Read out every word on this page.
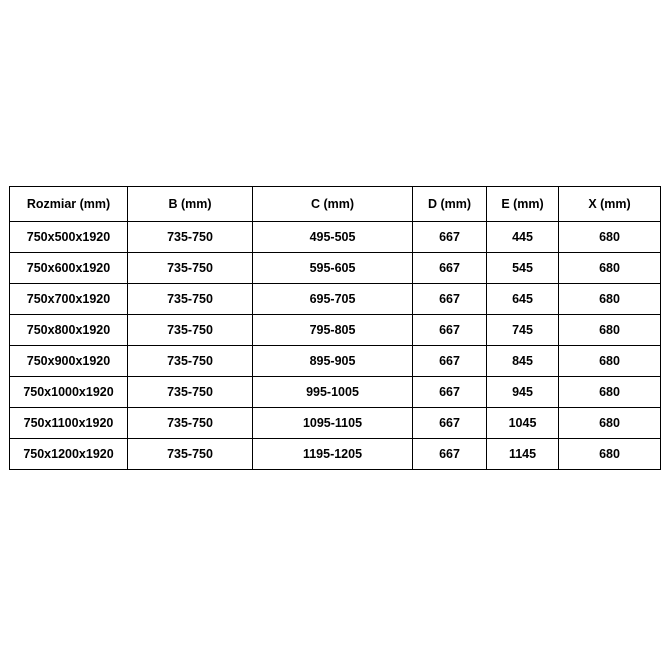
Rozmiar (mm)	B (mm)	C (mm)	D (mm)	E (mm)	X (mm)
750x500x1920	735-750	495-505	667	445	680
750x600x1920	735-750	595-605	667	545	680
750x700x1920	735-750	695-705	667	645	680
750x800x1920	735-750	795-805	667	745	680
750x900x1920	735-750	895-905	667	845	680
750x1000x1920	735-750	995-1005	667	945	680
750x1100x1920	735-750	1095-1105	667	1045	680
750x1200x1920	735-750	1195-1205	667	1145	680
